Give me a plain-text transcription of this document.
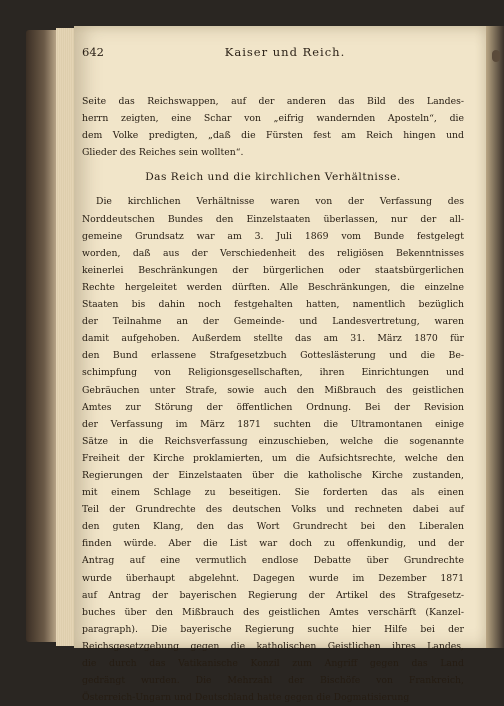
642	Kaiser und Reich.
Seite das Reichswappen, auf der anderen das Bild des Landes-
herrn zeigten, eine Schar von „eifrig wandernden Aposteln“, die
dem Volke predigten, „daß die Fürsten fest am Reich hingen und
Glieder des Reiches sein wollten“.
Das Reich und die kirchlichen Verhältnisse.
Die kirchlichen Verhältnisse waren von der Verfassung des
Norddeutschen Bundes den Einzelstaaten überlassen, nur der all-
gemeine Grundsatz war am 3. Juli 1869 vom Bunde festgelegt
worden, daß aus der Verschiedenheit des religiösen Bekenntnisses
keinerlei Beschränkungen der bürgerlichen oder staatsbürgerlichen
Rechte hergeleitet werden dürften. Alle Beschränkungen, die einzelne
Staaten bis dahin noch festgehalten hatten, namentlich bezüglich
der Teilnahme an der Gemeinde- und Landesvertretung, waren
damit aufgehoben. Außerdem stellte das am 31. März 1870 für
den Bund erlassene Strafgesetzbuch Gotteslästerung und die Be-
schimpfung von Religionsgesellschaften, ihren Einrichtungen und
Gebräuchen unter Strafe, sowie auch den Mißbrauch des geistlichen
Amtes zur Störung der öffentlichen Ordnung. Bei der Revision
der Verfassung im März 1871 suchten die Ultramontanen einige
Sätze in die Reichsverfassung einzuschieben, welche die sogenannte
Freiheit der Kirche proklamierten, um die Aufsichtsrechte, welche den
Regierungen der Einzelstaaten über die katholische Kirche zustanden,
mit einem Schlage zu beseitigen. Sie forderten das als einen
Teil der Grundrechte des deutschen Volks und rechneten dabei auf
den guten Klang, den das Wort Grundrecht bei den Liberalen
finden würde. Aber die List war doch zu offenkundig, und der
Antrag auf eine vermutlich endlose Debatte über Grundrechte
wurde überhaupt abgelehnt. Dagegen wurde im Dezember 1871
auf Antrag der bayerischen Regierung der Artikel des Strafgesetz-
buches über den Mißbrauch des geistlichen Amtes verschärft (Kanzel-
paragraph). Die bayerische Regierung suchte hier Hilfe bei der
Reichsgesetzgebung gegen die katholischen Geistlichen ihres Landes,
die durch das Vatikanische Konzil zum Angriff gegen das Land
gedrängt wurden. Die Mehrzahl der Bischöfe von Frankreich,
Österreich-Ungarn und Deutschland hatte gegen die Dogmatisierung
